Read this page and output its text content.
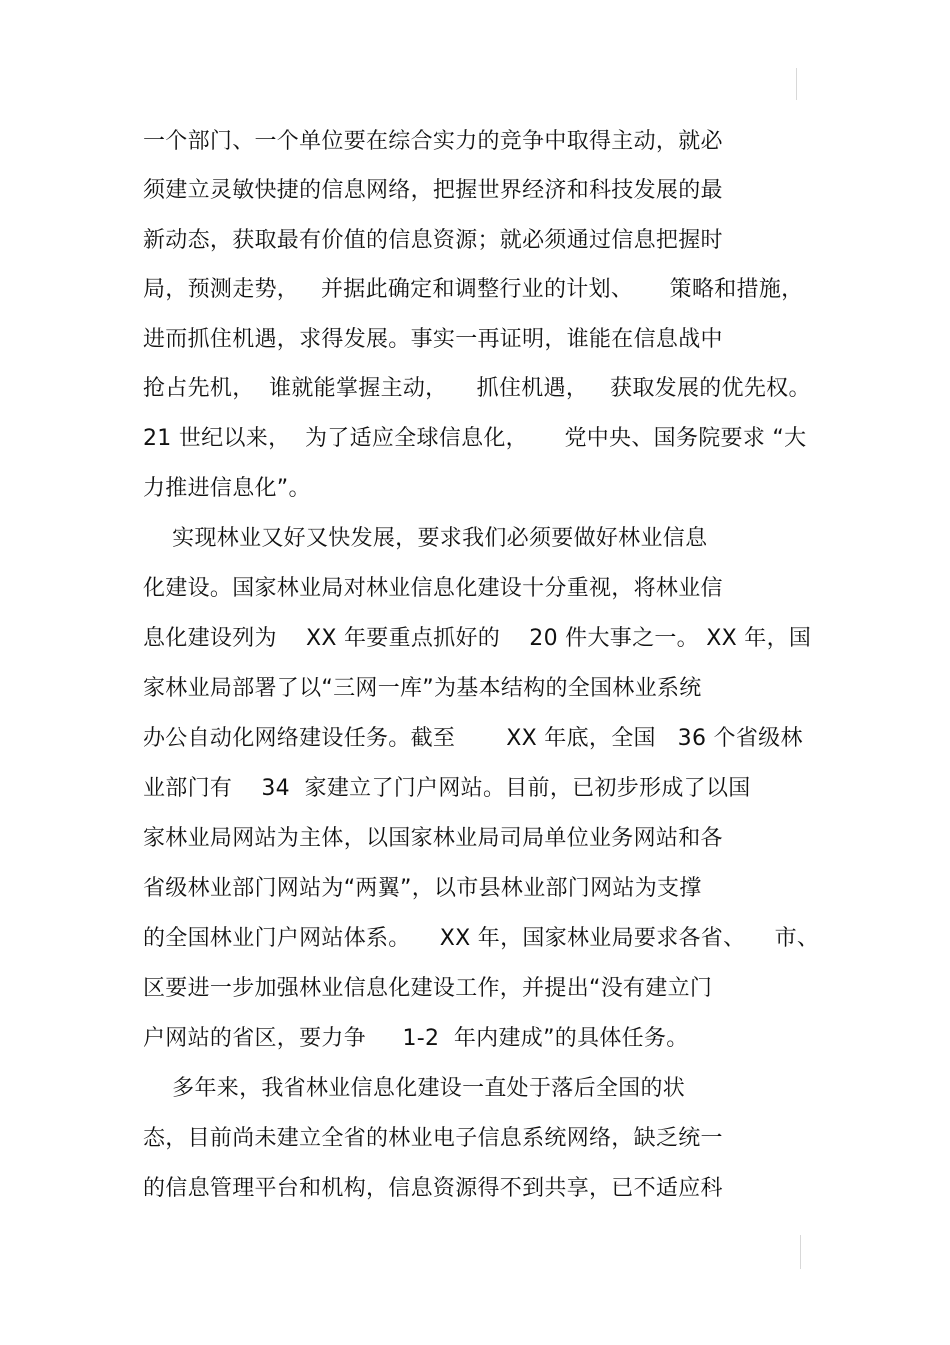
一个部门、一个单位要在综合实力的竞争中取得主动，就必
须建立灵敏快捷的信息网络，把握世界经济和科技发展的最
新动态，获取最有价值的信息资源；就必须通过信息把握时
局，预测走势，   并据此确定和调整行业的计划、     策略和措施，
进而抓住机遇，求得发展。事实一再证明，谁能在信息战中
抢占先机，  谁就能掌握主动，    抓住机遇，   获取发展的优先权。
21 世纪以来，  为了适应全球信息化，     党中央、国务院要求 “大
力推进信息化”。
实现林业又好又快发展，要求我们必须要做好林业信息
化建设。国家林业局对林业信息化建设十分重视，将林业信
息化建设列为    XX 年要重点抓好的    20 件大事之一。 XX 年，国
家林业局部署了以“三网一库”为基本结构的全国林业系统
办公自动化网络建设任务。截至       XX 年底，全国   36 个省级林
业部门有    34  家建立了门户网站。目前，已初步形成了以国
家林业局网站为主体，以国家林业局司局单位业务网站和各
省级林业部门网站为“两翼”，以市县林业部门网站为支撑
的全国林业门户网站体系。    XX 年，国家林业局要求各省、    市、
区要进一步加强林业信息化建设工作，并提出“没有建立门
户网站的省区，要力争     1-2  年内建成”的具体任务。
多年来，我省林业信息化建设一直处于落后全国的状
态，目前尚未建立全省的林业电子信息系统网络，缺乏统一
的信息管理平台和机构，信息资源得不到共享，已不适应科
